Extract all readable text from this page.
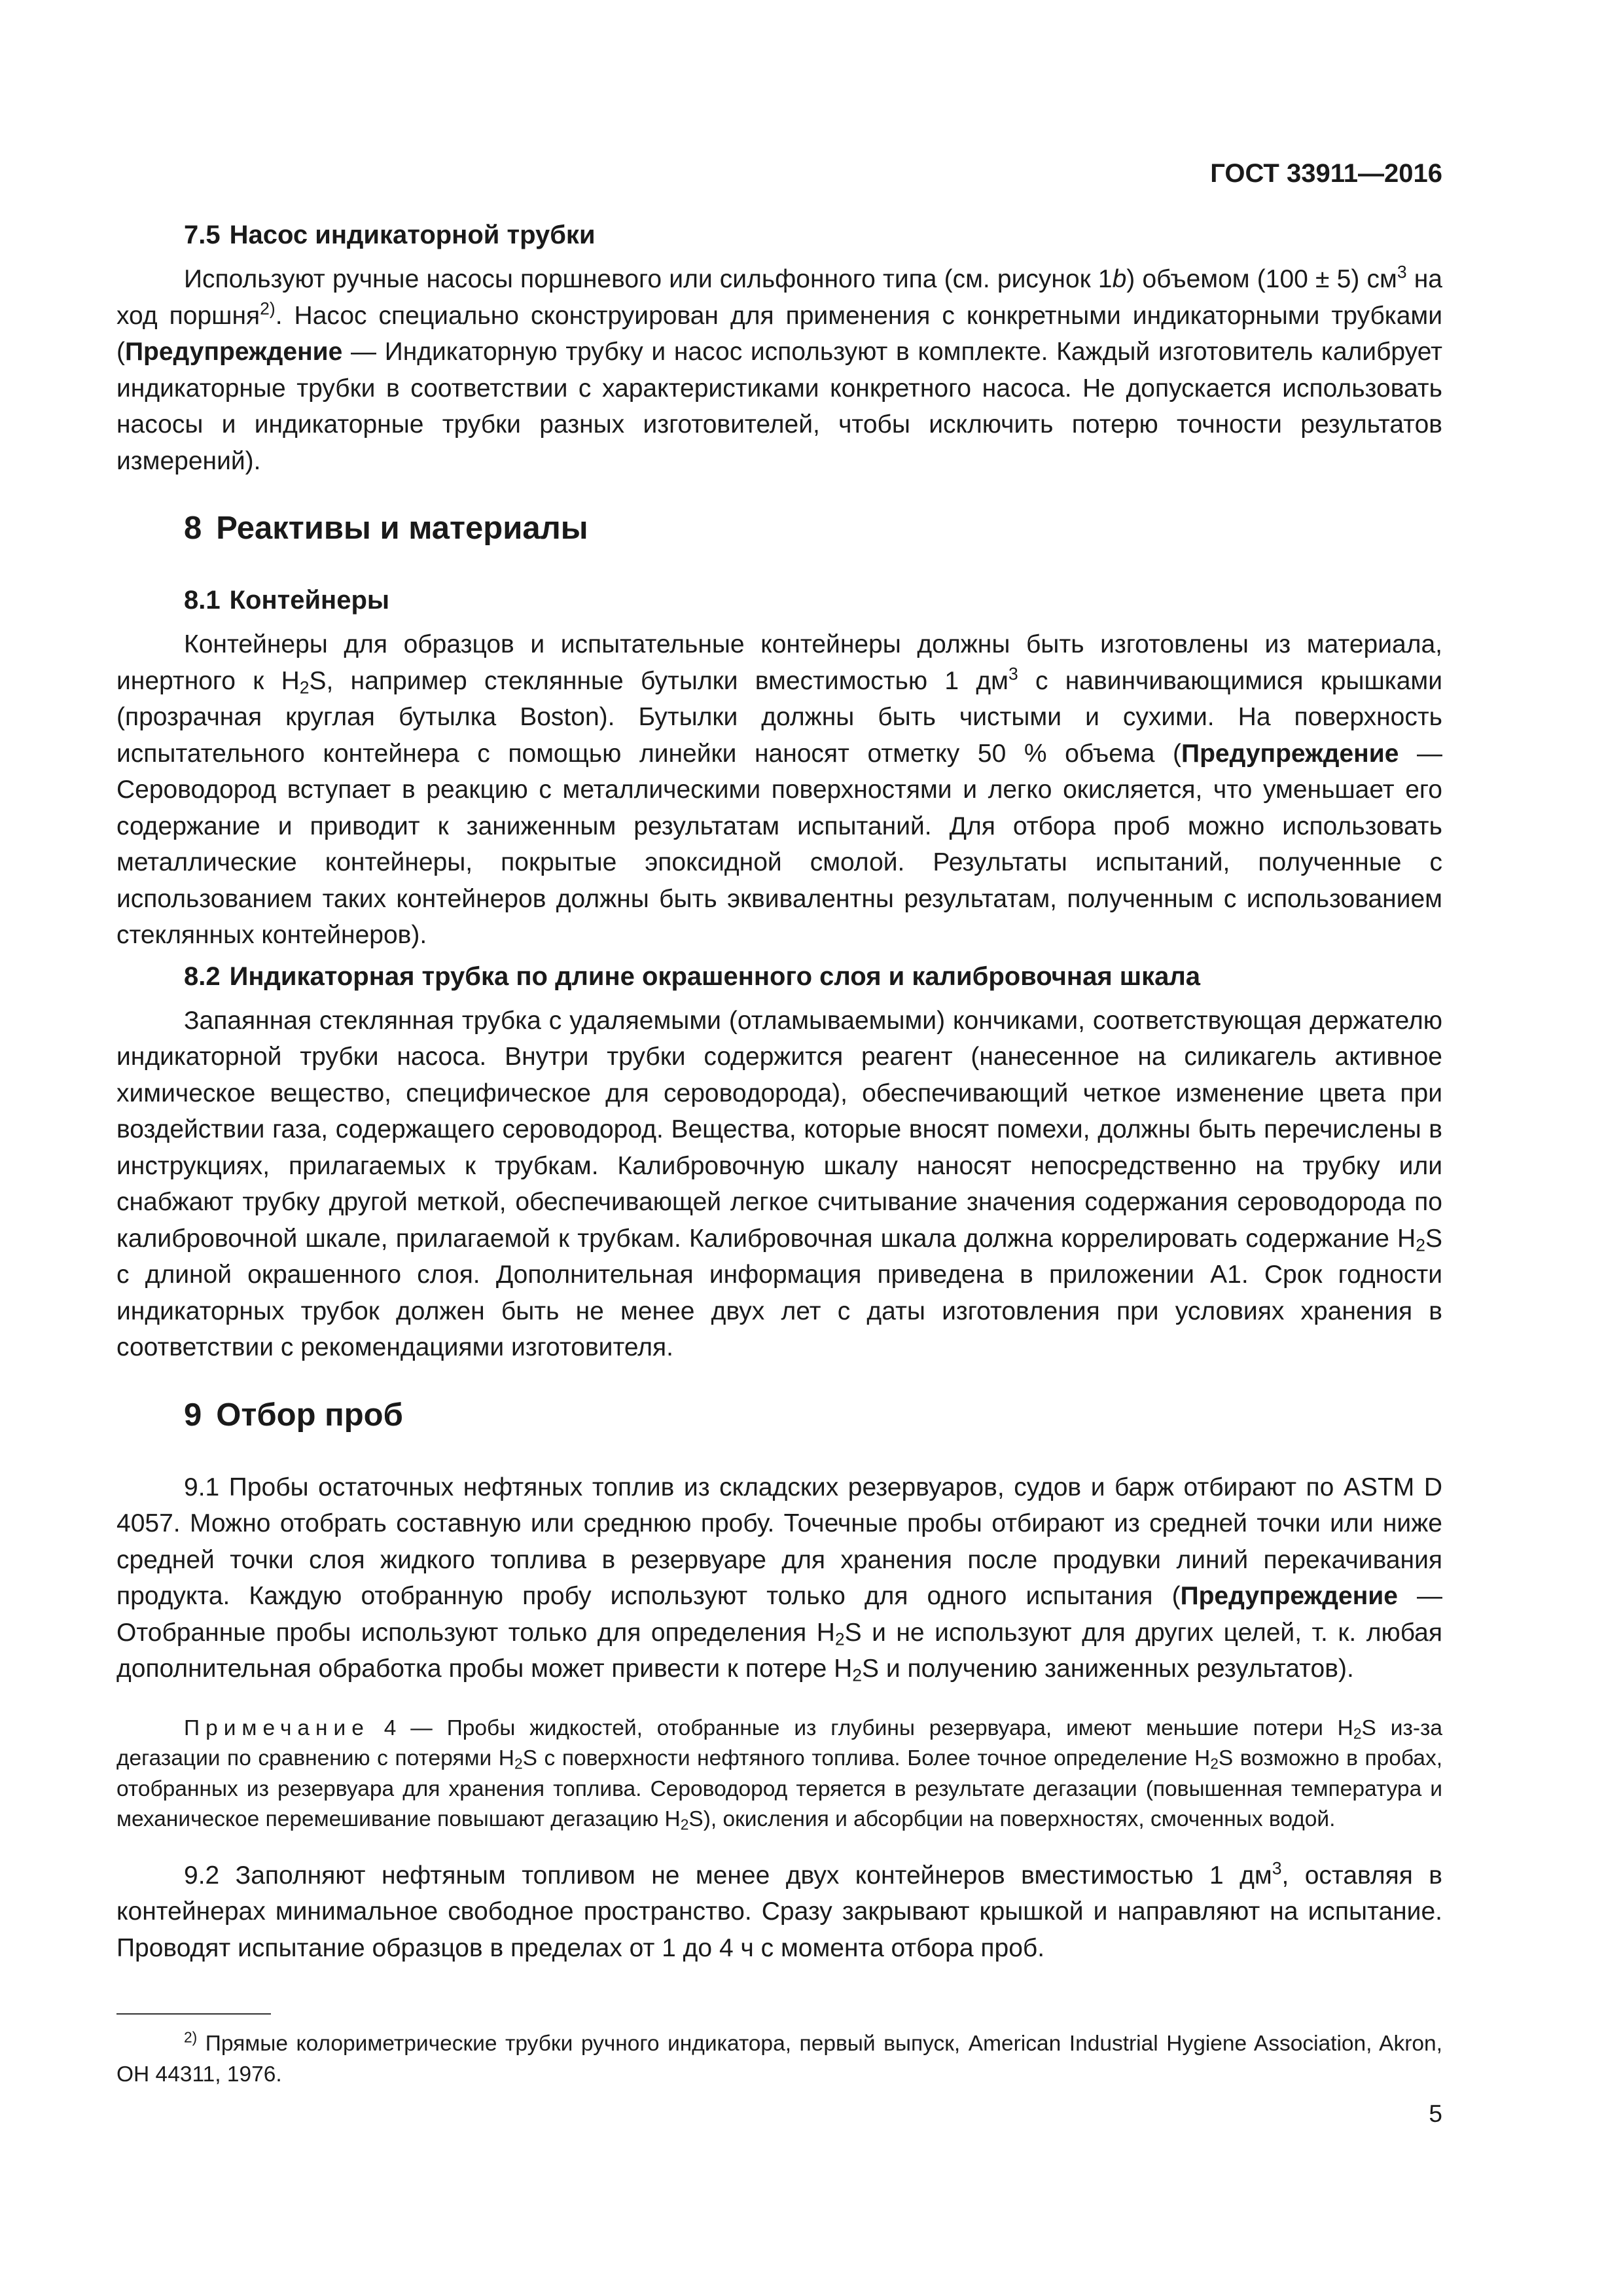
ГОСТ 33911—2016
7.5 Насос индикаторной трубки

Используют ручные насосы поршневого или сильфонного типа (см. рисунок 1b) объемом (100 ± 5) $см^3$ на ход поршня$^{2)}$. Насос специально сконструирован для применения с конкретными индикаторными трубками (Предупреждение — Индикаторную трубку и насос используют в комплекте. Каждый изготовитель калибрует индикаторные трубки в соответствии с характеристиками конкретного насоса. Не допускается использовать насосы и индикаторные трубки разных изготовителей, чтобы исключить потерю точности результатов измерений).

8 Реактивы и материалы
8.1 Контейнеры

Контейнеры для образцов и испытательные контейнеры должны быть изготовлены из материала, инертного к $H_2S$, например стеклянные бутылки вместимостью 1 $дм^3$ с навинчивающимися крышками (прозрачная круглая бутылка Boston). Бутылки должны быть чистыми и сухими. На поверхность испытательного контейнера с помощью линейки наносят отметку 50 % объема (Предупреждение — Сероводород вступает в реакцию с металлическими поверхностями и легко окисляется, что уменьшает его содержание и приводит к заниженным результатам испытаний. Для отбора проб можно использовать металлические контейнеры, покрытые эпоксидной смолой. Результаты испытаний, полученные с использованием таких контейнеров должны быть эквивалентны результатам, полученным с использованием стеклянных контейнеров).

8.2 Индикаторная трубка по длине окрашенного слоя и калибровочная шкала

Запаянная стеклянная трубка с удаляемыми (отламываемыми) кончиками, соответствующая держателю индикаторной трубки насоса. Внутри трубки содержится реагент (нанесенное на силикагель активное химическое вещество, специфическое для сероводорода), обеспечивающий четкое изменение цвета при воздействии газа, содержащего сероводород. Вещества, которые вносят помехи, должны быть перечислены в инструкциях, прилагаемых к трубкам. Калибровочную шкалу наносят непосредственно на трубку или снабжают трубку другой меткой, обеспечивающей легкое считывание значения содержания сероводорода по калибровочной шкале, прилагаемой к трубкам. Калибровочная шкала должна коррелировать содержание $H_2S$ с длиной окрашенного слоя. Дополнительная информация приведена в приложении A1. Срок годности индикаторных трубок должен быть не менее двух лет с даты изготовления при условиях хранения в соответствии с рекомендациями изготовителя.

9 Отбор проб

9.1 Пробы остаточных нефтяных топлив из складских резервуаров, судов и барж отбирают по ASTM D 4057. Можно отобрать составную или среднюю пробу. Точечные пробы отбирают из средней точки или ниже средней точки слоя жидкого топлива в резервуаре для хранения после продувки линий перекачивания продукта. Каждую отобранную пробу используют только для одного испытания (Предупреждение — Отобранные пробы используют только для определения $H_2S$ и не используют для других целей, т. к. любая дополнительная обработка пробы может привести к потере $H_2S$ и получению заниженных результатов).

Примечание 4 — Пробы жидкостей, отобранные из глубины резервуара, имеют меньшие потери $H_2S$ из-за дегазации по сравнению с потерями $H_2S$ с поверхности нефтяного топлива. Более точное определение $H_2S$ возможно в пробах, отобранных из резервуара для хранения топлива. Сероводород теряется в результате дегазации (повышенная температура и механическое перемешивание повышают дегазацию $H_2S$), окисления и абсорбции на поверхностях, смоченных водой.

9.2 Заполняют нефтяным топливом не менее двух контейнеров вместимостью 1 $дм^3$, оставляя в контейнерах минимальное свободное пространство. Сразу закрывают крышкой и направляют на испытание. Проводят испытание образцов в пределах от 1 до 4 ч с момента отбора проб.

$^{2)}$ Прямые колориметрические трубки ручного индикатора, первый выпуск, American Industrial Hygiene Association, Akron, OH 44311, 1976.

5
